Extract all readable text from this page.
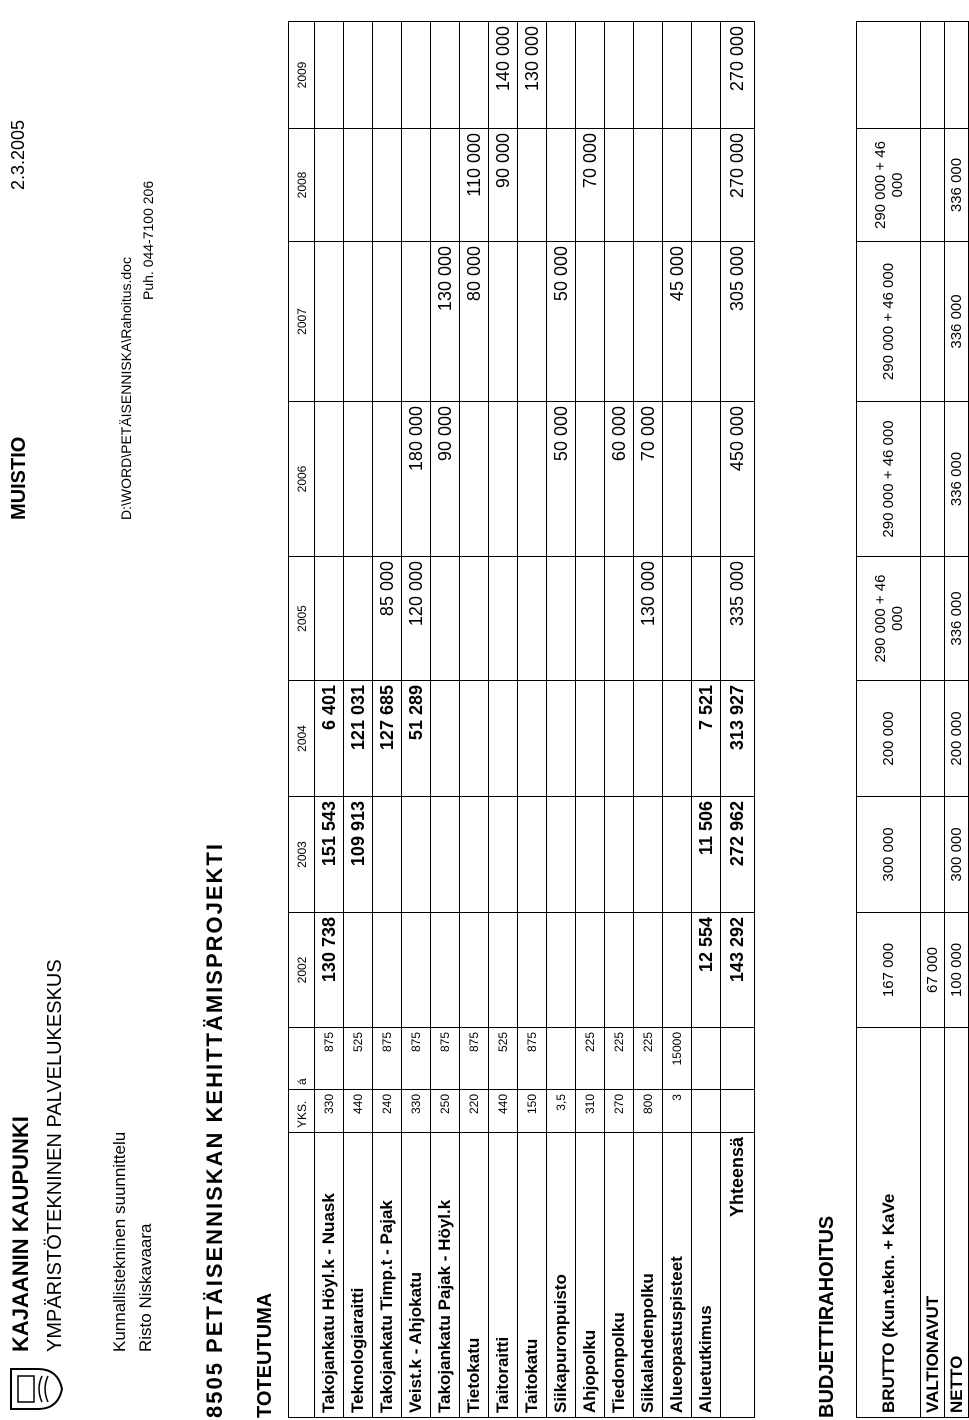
KAJAANIN KAUPUNKI YMPÄRISTÖTEKNINEN PALVELUKESKUS
MUISTIO
2.3.2005
Kunnallistekninen suunnittelu Risto Niskavaara
D:\WORD\PETÄISENNISKA\Rahoitus.doc
Puh. 044-7100 206
8505 PETÄISENNISKAN KEHITTÄMISPROJEKTI TOTEUTUMA
	YKS.	á	2002	2003	2004	2005	2006	2007	2008	2009
Takojankatu Höyl.k - Nuask	330	875	130 738	151 543	6 401					
Teknologiaraitti	440	525		109 913	121 031					
Takojankatu Timp.t - Pajak	240	875			127 685	85 000				
Veist.k - Ahjokatu	330	875			51 289	120 000	180 000			
Takojankatu Pajak - Höyl.k	250	875					90 000	130 000		
Tietokatu	220	875						80 000	110 000	
Taitoraitti	440	525							90 000	140 000
Taitokatu	150	875								130 000
Siikapuronpuisto	3,5						50 000	50 000		
Ahjopolku	310	225							70 000	
Tiedonpolku	270	225					60 000			
Siikalahdenpolku	800	225				130 000	70 000			
Alueopastuspisteet	3	15000						45 000		
Aluetutkimus			12 554	11 506	7 521					
Yhteensä			143 292	272 962	313 927	335 000	450 000	305 000	270 000	270 000
BUDJETTIRAHOITUS BRUTTO (Kun.tekn. + KaVe	167 000	300 000	200 000	290 000 + 46 000	290 000 + 46 000	290 000 + 46 000	290 000 + 46 000	
VALTIONAVUT	67 000							
NETTO	100 000	300 000	200 000	336 000	336 000	336 000	336 000	
